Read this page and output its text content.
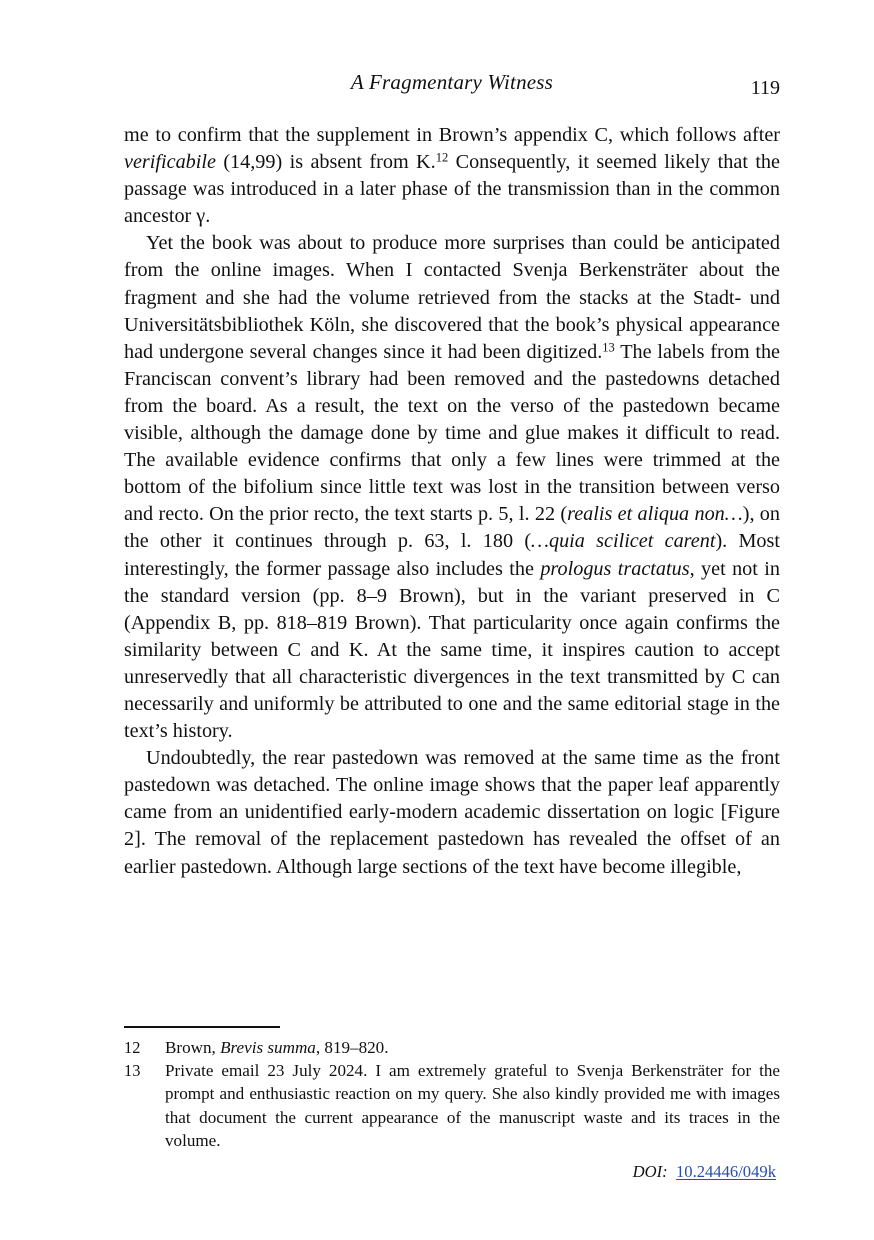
A Fragmentary Witness	119

me to confirm that the supplement in Brown’s appendix C, which follows after verificabile (14,99) is absent from K.$^{12}$ Consequently, it seemed likely that the passage was introduced in a later phase of the transmission than in the common ancestor γ.

Yet the book was about to produce more surprises than could be anticipated from the online images. When I contacted Svenja Berkensträter about the fragment and she had the volume retrieved from the stacks at the Stadt- und Universitätsbibliothek Köln, she discovered that the book’s physical appearance had undergone several changes since it had been digitized.$^{13}$ The labels from the Franciscan convent’s library had been removed and the pastedowns detached from the board. As a result, the text on the verso of the pastedown became visible, although the damage done by time and glue makes it difficult to read. The available evidence confirms that only a few lines were trimmed at the bottom of the bifolium since little text was lost in the transition between verso and recto. On the prior recto, the text starts p. 5, l. 22 (realis et aliqua non…), on the other it continues through p. 63, l. 180 (…quia scilicet carent). Most interestingly, the former passage also includes the prologus tractatus, yet not in the standard version (pp. 8–9 Brown), but in the variant preserved in C (Appendix B, pp. 818–819 Brown). That particularity once again confirms the similarity between C and K. At the same time, it inspires caution to accept unreservedly that all characteristic divergences in the text transmitted by C can necessarily and uniformly be attributed to one and the same editorial stage in the text’s history.

Undoubtedly, the rear pastedown was removed at the same time as the front pastedown was detached. The online image shows that the paper leaf apparently came from an unidentified early-modern academic dissertation on logic [Figure 2]. The removal of the replacement pastedown has revealed the offset of an earlier pastedown. Although large sections of the text have become illegible,

12	Brown, Brevis summa, 819–820.
13	Private email 23 July 2024. I am extremely grateful to Svenja Berkensträter for the prompt and enthusiastic reaction on my query. She also kindly provided me with images that document the current appearance of the manuscript waste and its traces in the volume.
DOI: 10.24446/049k
